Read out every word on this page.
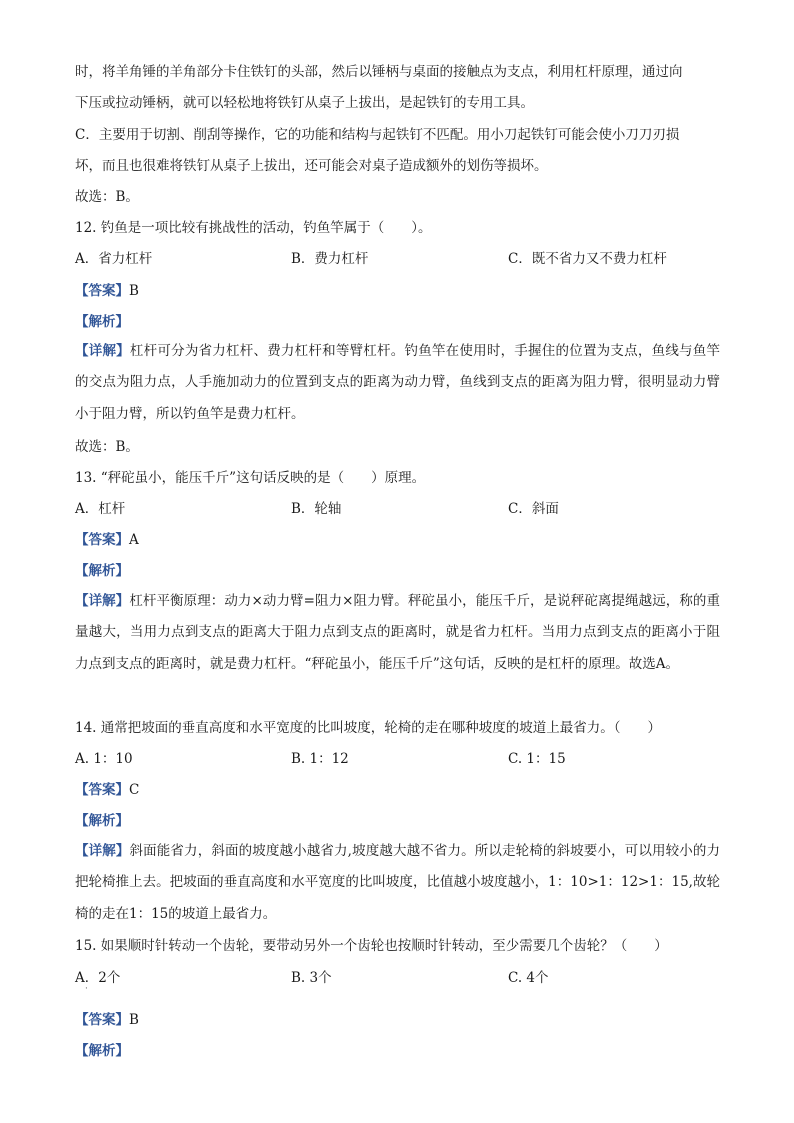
时，将羊角锤的羊角部分卡住铁钉的头部，然后以锤柄与桌面的接触点为支点，利用杠杆原理，通过向
下压或拉动锤柄，就可以轻松地将铁钉从桌子上拔出，是起铁钉的专用工具。
C．主要用于切割、削刮等操作，它的功能和结构与起铁钉不匹配。用小刀起铁钉可能会使小刀刀刃损
坏，而且也很难将铁钉从桌子上拔出，还可能会对桌子造成额外的划伤等损坏。
故选：B。
12. 钓鱼是一项比较有挑战性的活动，钓鱼竿属于（　　）。
A．省力杠杆	B．费力杠杆	C．既不省力又不费力杠杆
【答案】B
【解析】
【详解】杠杆可分为省力杠杆、费力杠杆和等臂杠杆。钓鱼竿在使用时，手握住的位置为支点，鱼线与鱼竿的交点为阻力点，人手施加动力的位置到支点的距离为动力臂，鱼线到支点的距离为阻力臂，很明显动力臂小于阻力臂，所以钓鱼竿是费力杠杆。
故选：B。
13. “秤砣虽小，能压千斤”这句话反映的是（　　）原理。
A．杠杆	B．轮轴	C．斜面
【答案】A
【解析】
【详解】杠杆平衡原理：动力×动力臂=阻力×阻力臂。秤砣虽小，能压千斤，是说秤砣离提绳越远，称的重量越大，当用力点到支点的距离大于阻力点到支点的距离时，就是省力杠杆。当用力点到支点的距离小于阻力点到支点的距离时，就是费力杠杆。“秤砣虽小，能压千斤”这句话，反映的是杠杆的原理。故选A。
14. 通常把坡面的垂直高度和水平宽度的比叫坡度，轮椅的走在哪种坡度的坡道上最省力。（　　）
A. 1：10	B. 1：12	C. 1：15
【答案】C
【解析】
【详解】斜面能省力，斜面的坡度越小越省力,坡度越大越不省力。所以走轮椅的斜坡要小，可以用较小的力把轮椅推上去。把坡面的垂直高度和水平宽度的比叫坡度，比值越小坡度越小，1：10>1：12>1：15,故轮椅的走在1：15的坡道上最省力。
15. 如果顺时针转动一个齿轮，要带动另外一个齿轮也按顺时针转动，至少需要几个齿轮？（　　）
A．2个	B. 3个	C. 4个
·
【答案】B
【解析】
